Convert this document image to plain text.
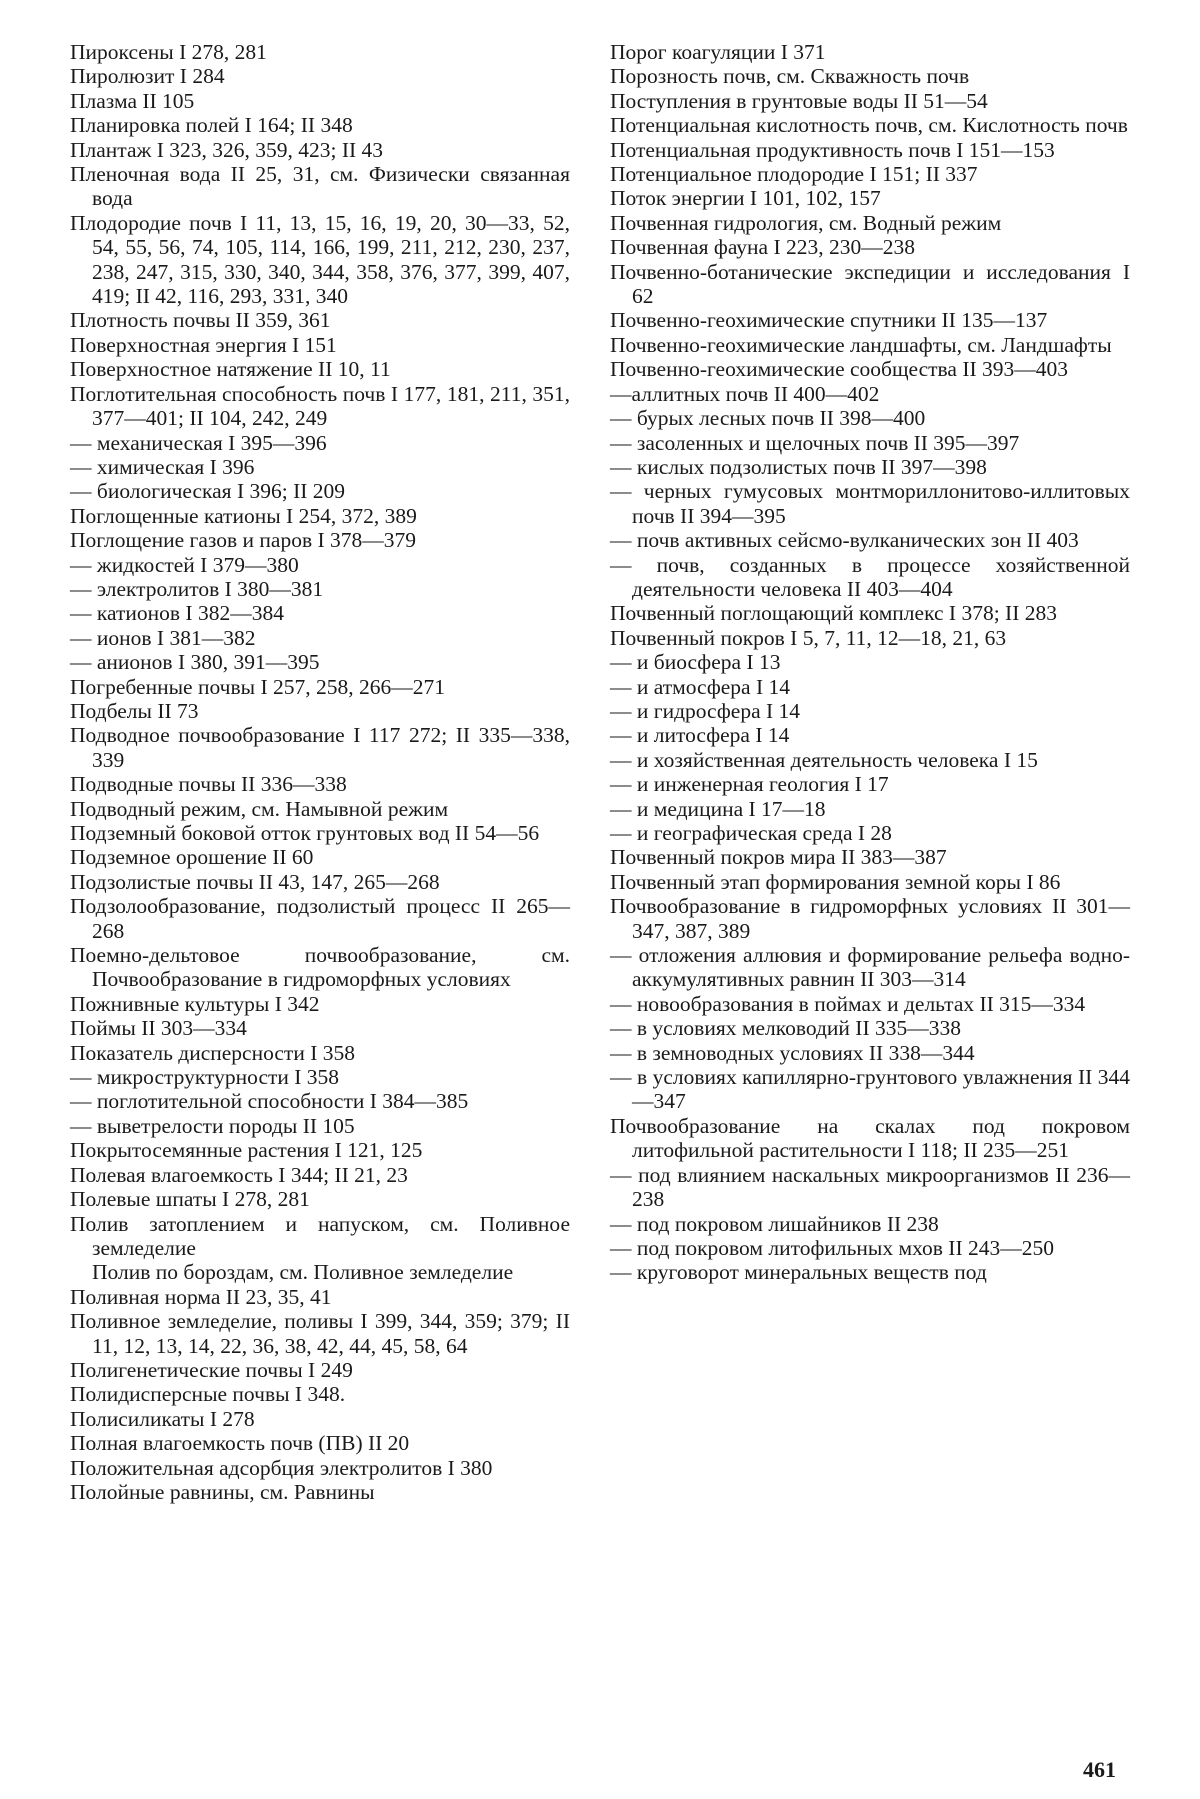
Пироксены I 278, 281
Пиролюзит I 284
Плазма II 105
Планировка полей I 164; II 348
Плантаж I 323, 326, 359, 423; II 43
Пленочная вода II 25, 31, см. Физически связанная вода
Плодородие почв I 11, 13, 15, 16, 19, 20, 30—33, 52, 54, 55, 56, 74, 105, 114, 166, 199, 211, 212, 230, 237, 238, 247, 315, 330, 340, 344, 358, 376, 377, 399, 407, 419; II 42, 116, 293, 331, 340
Плотность почвы II 359, 361
Поверхностная энергия I 151
Поверхностное натяжение II 10, 11
Поглотительная способность почв I 177, 181, 211, 351, 377—401; II 104, 242, 249
— механическая I 395—396
— химическая I 396
— биологическая I 396; II 209
Поглощенные катионы I 254, 372, 389
Поглощение газов и паров I 378—379
— жидкостей I 379—380
— электролитов I 380—381
— катионов I 382—384
— ионов I 381—382
— анионов I 380, 391—395
Погребенные почвы I 257, 258, 266—271
Подбелы II 73
Подводное почвообразование I 117 272; II 335—338, 339
Подводные почвы II 336—338
Подводный режим, см. Намывной режим
Подземный боковой отток грунтовых вод II 54—56
Подземное орошение II 60
Подзолистые почвы II 43, 147, 265—268
Подзолообразование, подзолистый процесс II 265—268
Поемно-дельтовое почвообразование, см. Почвообразование в гидроморфных условиях
Пожнивные культуры I 342
Поймы II 303—334
Показатель дисперсности I 358
— микроструктурности I 358
— поглотительной способности I 384—385
— выветрелости породы II 105
Покрытосемянные растения I 121, 125
Полевая влагоемкость I 344; II 21, 23
Полевые шпаты I 278, 281
Полив затоплением и напуском, см. Поливное земледелие
Полив по бороздам, см. Поливное земледелие
Поливная норма II 23, 35, 41
Поливное земледелие, поливы I 399, 344, 359; 379; II 11, 12, 13, 14, 22, 36, 38, 42, 44, 45, 58, 64
Полигенетические почвы I 249
Полидисперсные почвы I 348.
Полисиликаты I 278
Полная влагоемкость почв (ПВ) II 20
Положительная адсорбция электролитов I 380
Полойные равнины, см. Равнины
Порог коагуляции I 371
Порозность почв, см. Скважность почв
Поступления в грунтовые воды II 51—54
Потенциальная кислотность почв, см. Кислотность почв
Потенциальная продуктивность почв I 151—153
Потенциальное плодородие I 151; II 337
Поток энергии I 101, 102, 157
Почвенная гидрология, см. Водный режим
Почвенная фауна I 223, 230—238
Почвенно-ботанические экспедиции и исследования I 62
Почвенно-геохимические спутники II 135—137
Почвенно-геохимические ландшафты, см. Ландшафты
Почвенно-геохимические сообщества II 393—403
—аллитных почв II 400—402
— бурых лесных почв II 398—400
— засоленных и щелочных почв II 395—397
— кислых подзолистых почв II 397—398
— черных гумусовых монтмориллонитово-иллитовых почв II 394—395
— почв активных сейсмо-вулканических зон II 403
— почв, созданных в процессе хозяйственной деятельности человека II 403—404
Почвенный поглощающий комплекс I 378; II 283
Почвенный покров I 5, 7, 11, 12—18, 21, 63
— и биосфера I 13
— и атмосфера I 14
— и гидросфера I 14
— и литосфера I 14
— и хозяйственная деятельность человека I 15
— и инженерная геология I 17
— и медицина I 17—18
— и географическая среда I 28
Почвенный покров мира II 383—387
Почвенный этап формирования земной коры I 86
Почвообразование в гидроморфных условиях II 301—347, 387, 389
— отложения аллювия и формирование рельефа водно-аккумулятивных равнин II 303—314
— новообразования в поймах и дельтах II 315—334
— в условиях мелководий II 335—338
— в земноводных условиях II 338—344
— в условиях капиллярно-грунтового увлажнения II 344—347
Почвообразование на скалах под покровом литофильной растительности I 118; II 235—251
— под влиянием наскальных микроорганизмов II 236—238
— под покровом лишайников II 238
— под покровом литофильных мхов II 243—250
— круговорот минеральных веществ под
461
